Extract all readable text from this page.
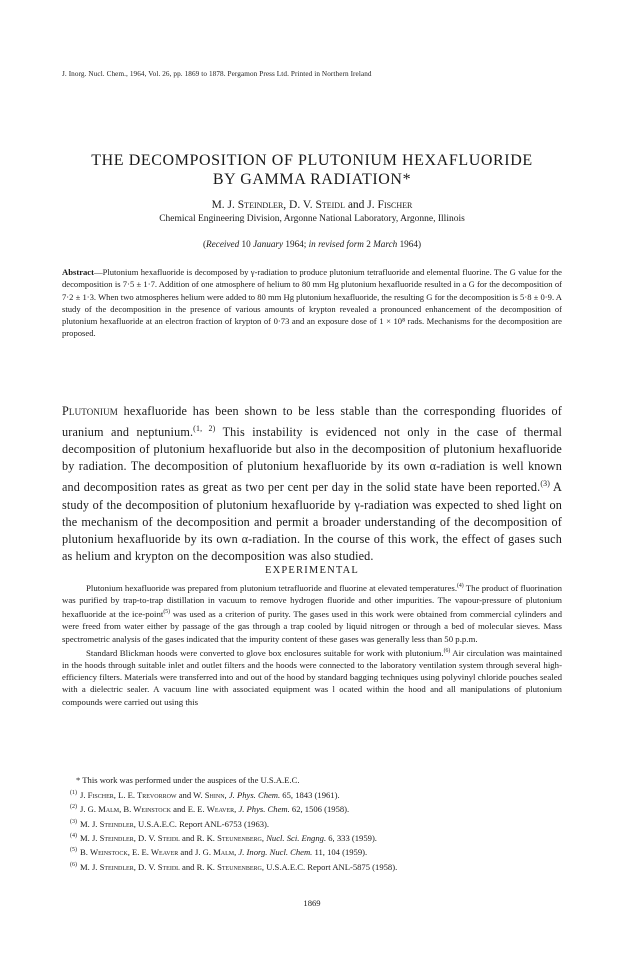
J. Inorg. Nucl. Chem., 1964, Vol. 26, pp. 1869 to 1878. Pergamon Press Ltd. Printed in Northern Ireland
THE DECOMPOSITION OF PLUTONIUM HEXAFLUORIDE
BY GAMMA RADIATION*
M. J. Steindler, D. V. Steidl and J. Fischer
Chemical Engineering Division, Argonne National Laboratory, Argonne, Illinois
(Received 10 January 1964; in revised form 2 March 1964)
Abstract—Plutonium hexafluoride is decomposed by γ-radiation to produce plutonium tetrafluoride and elemental fluorine. The G value for the decomposition is 7·5 ± 1·7. Addition of one atmosphere of helium to 80 mm Hg plutonium hexafluoride resulted in a G for the decomposition of 7·2 ± 1·3. When two atmospheres helium were added to 80 mm Hg plutonium hexafluoride, the resulting G for the decomposition is 5·8 ± 0·9. A study of the decomposition in the presence of various amounts of krypton revealed a pronounced enhancement of the decomposition of plutonium hexafluoride at an electron fraction of krypton of 0·73 and an exposure dose of 1 × 10⁸ rads. Mechanisms for the decomposition are proposed.
Plutonium hexafluoride has been shown to be less stable than the corresponding fluorides of uranium and neptunium.$^{(1, 2)}$ This instability is evidenced not only in the case of thermal decomposition of plutonium hexafluoride but also in the decomposition of plutonium hexafluoride by radiation. The decomposition of plutonium hexafluoride by its own α-radiation is well known and decomposition rates as great as two per cent per day in the solid state have been reported.$^{(3)}$ A study of the decomposition of plutonium hexafluoride by γ-radiation was expected to shed light on the mechanism of the decomposition and permit a broader understanding of the decomposition of plutonium hexafluoride by its own α-radiation. In the course of this work, the effect of gases such as helium and krypton on the decomposition was also studied.
EXPERIMENTAL

Plutonium hexafluoride was prepared from plutonium tetrafluoride and fluorine at elevated temperatures.$^{(4)}$ The product of fluorination was purified by trap-to-trap distillation in vacuum to remove hydrogen fluoride and other impurities. The vapour-pressure of plutonium hexafluoride at the ice-point$^{(5)}$ was used as a criterion of purity. The gases used in this work were obtained from commercial cylinders and were freed from water either by passage of the gas through a trap cooled by liquid nitrogen or through a bed of molecular sieves. Mass spectrometric analysis of the gases indicated that the impurity content of these gases was generally less than 50 p.p.m.

Standard Blickman hoods were converted to glove box enclosures suitable for work with plutonium.$^{(6)}$ Air circulation was maintained in the hoods through suitable inlet and outlet filters and the hoods were connected to the laboratory ventilation system through several high-efficiency filters. Materials were transferred into and out of the hood by standard bagging techniques using polyvinyl chloride pouches sealed with a dielectric sealer. A vacuum line with associated equipment was l ocated within the hood and all manipulations of plutonium compounds were carried out using this

* This work was performed under the auspices of the U.S.A.E.C.
$^{(1)}$ J. Fischer, L. E. Trevorrow and W. Shinn, J. Phys. Chem. 65, 1843 (1961).
$^{(2)}$ J. G. Malm, B. Weinstock and E. E. Weaver, J. Phys. Chem. 62, 1506 (1958).
$^{(3)}$ M. J. Steindler, U.S.A.E.C. Report ANL-6753 (1963).
$^{(4)}$ M. J. Steindler, D. V. Steidl and R. K. Steunenberg, Nucl. Sci. Engng. 6, 333 (1959).
$^{(5)}$ B. Weinstock, E. E. Weaver and J. G. Malm, J. Inorg. Nucl. Chem. 11, 104 (1959).
$^{(6)}$ M. J. Steindler, D. V. Steidl and R. K. Steunenberg, U.S.A.E.C. Report ANL-5875 (1958).
1869
